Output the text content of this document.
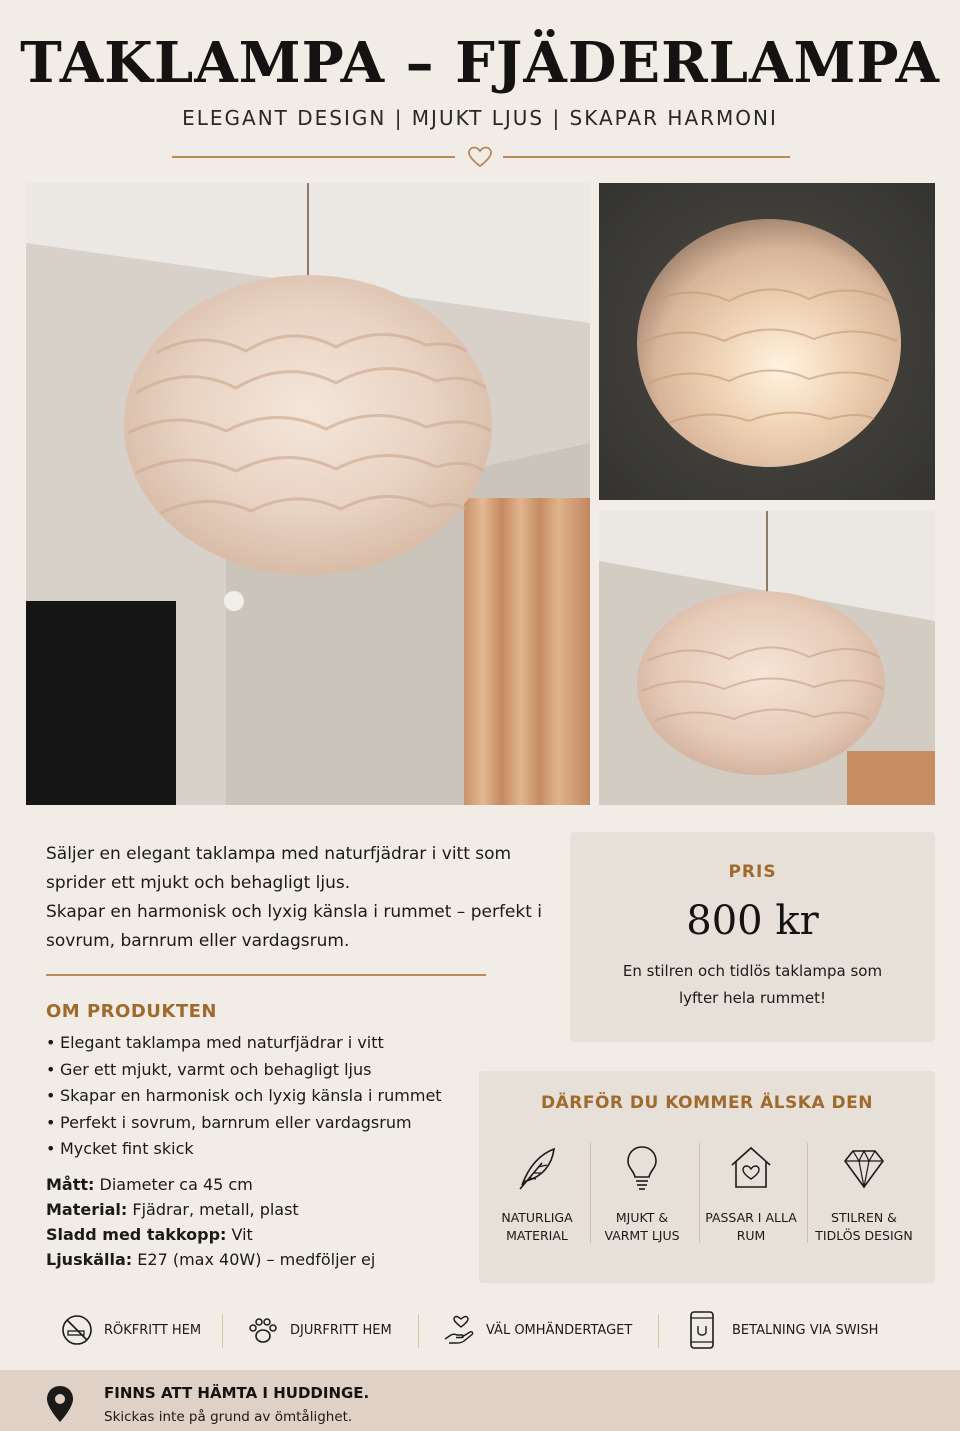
TAKLAMPA – FJÄDERLAMPA
ELEGANT DESIGN | MJUKT LJUS | SKAPAR HARMONI

Säljer en elegant taklampa med naturfjädrar i vitt som sprider ett mjukt och behagligt ljus.

Skapar en harmonisk och lyxig känsla i rummet – perfekt i sovrum, barnrum eller vardagsrum.

OM PRODUKTEN
• Elegant taklampa med naturfjädrar i vitt
• Ger ett mjukt, varmt och behagligt ljus
• Skapar en harmonisk och lyxig känsla i rummet
• Perfekt i sovrum, barnrum eller vardagsrum
• Mycket fint skick
Mått: Diameter ca 45 cm
Material: Fjädrar, metall, plast
Sladd med takkopp: Vit
Ljuskälla: E27 (max 40W) – medföljer ej
PRIS
800 kr
En stilren och tidlös taklampa som lyfter hela rummet!
DÄRFÖR DU KOMMER ÄLSKA DEN
NATURLIGA
MATERIAL
MJUKT &
VARMT LJUS
PASSAR I ALLA
RUM
STILREN &
TIDLÖS DESIGN
RÖKFRITT HEM	DJURFRITT HEM	VÄL OMHÄNDERTAGET	BETALNING VIA SWISH
FINNS ATT HÄMTA I HUDDINGE.
Skickas inte på grund av ömtålighet.
